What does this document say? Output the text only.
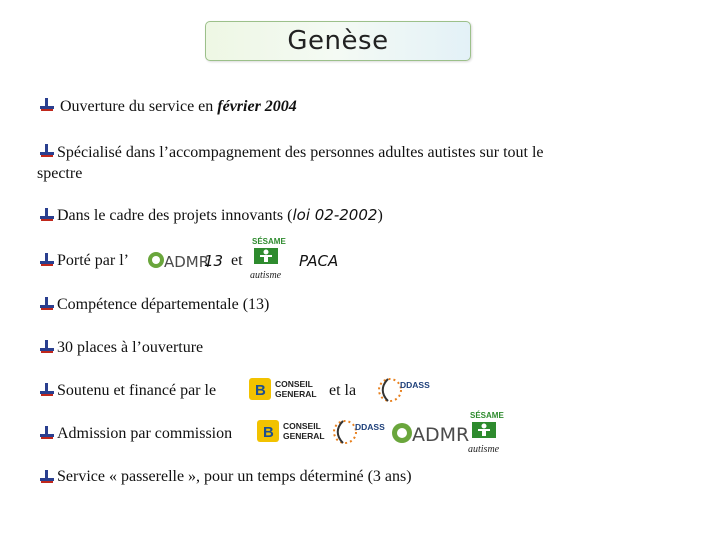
Genèse
Ouverture du service en février 2004
Spécialisé dans l’accompagnement des personnes adultes autistes sur tout le
spectre
Dans le cadre des projets innovants (loi 02-2002)
Porté par l’ ADMR
13 et
SÉSAME
autisme
PACA
Compétence départementale (13)
30 places à l’ouverture
Soutenu et financé par le	B CONSEIL
GENERAL et la	DDASS
Admission par commission B CONSEIL
GENERAL
DDASS ADMR
SÉSAME
autisme
Service « passerelle », pour un temps déterminé (3 ans)
